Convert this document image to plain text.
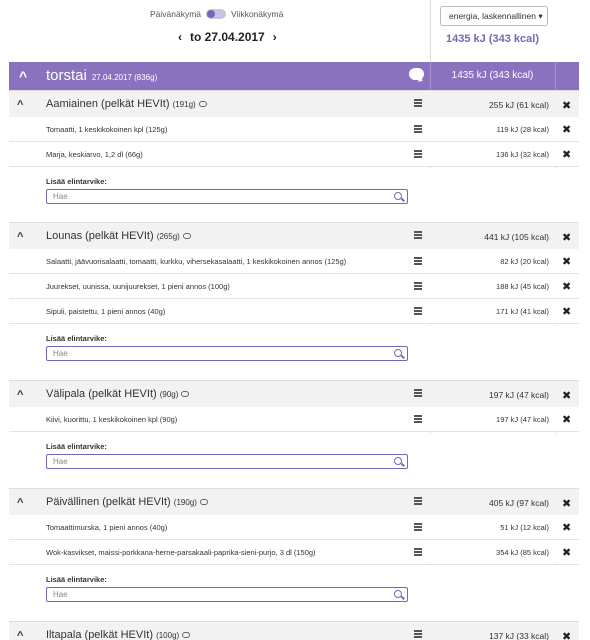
Päivänäkymä	Viikkonäkymä
‹ to 27.04.2017 ›
energia, laskennallinen ▾
1435 kJ (343 kcal)
^ torstai 27.04.2017 (836g)	1435 kJ (343 kcal)
^ Aamiainen (pelkät HEVIt) (191g)	255 kJ (61 kcal)	✖
Tomaatti, 1 keskikokoinen kpl (125g)	119 kJ (28 kcal)	✖
Marja, keskiarvo, 1,2 dl (66g)	136 kJ (32 kcal)	✖
Lisää elintarvike:
Hae
^ Lounas (pelkät HEVIt) (265g)	441 kJ (105 kcal)	✖
Salaatti, jäävuorisalaatti, tomaatti, kurkku, vihersekasalaatti, 1 keskikokoinen annos (125g)	82 kJ (20 kcal)	✖
Juurekset, uunissa, uunijuurekset, 1 pieni annos (100g)	188 kJ (45 kcal)	✖
Sipuli, paistettu, 1 pieni annos (40g)	171 kJ (41 kcal)	✖
Lisää elintarvike:
Hae
^ Välipala (pelkät HEVIt) (90g)	197 kJ (47 kcal)	✖
Kiivi, kuorittu, 1 keskikokoinen kpl (90g)	197 kJ (47 kcal)	✖
Lisää elintarvike:
Hae
^ Päivällinen (pelkät HEVIt) (190g)	405 kJ (97 kcal)	✖
Tomaattimurska, 1 pieni annos (40g)	51 kJ (12 kcal)	✖
Wok-kasvikset, maissi-porkkana-herne-parsakaali-paprika-sieni-purjo, 3 dl (150g)	354 kJ (85 kcal)	✖
Lisää elintarvike:
Hae
^ Iltapala (pelkät HEVIt) (100g)	137 kJ (33 kcal)	✖
